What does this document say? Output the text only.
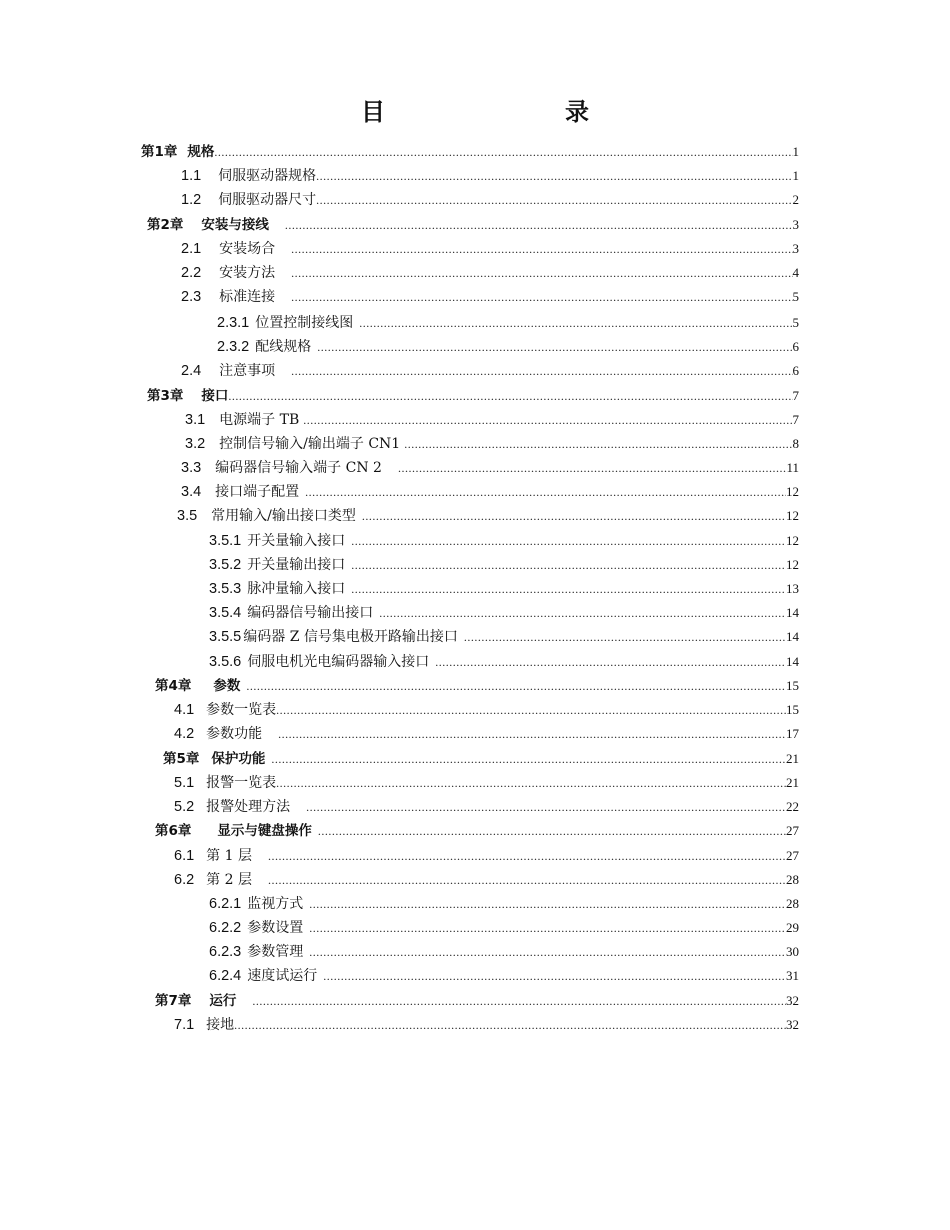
目　　录
第1章 规格 .....	1
1.1 伺服驱动器规格 .....	1
1.2 伺服驱动器尺寸 .....	2
第2章 安装与接线 .....	3
2.1 安装场合 .....	3
2.2 安装方法 .....	4
2.3 标准连接 .....	5
2.3.1 位置控制接线图 .....	5
2.3.2 配线规格 .....	6
2.4 注意事项 .....	6
第3章 接口 .....	7
3.1 电源端子 TB .....	7
3.2 控制信号输入/输出端子 CN1 .....	8
3.3 编码器信号输入端子 CN 2 .....	11
3.4 接口端子配置 .....	12
3.5 常用输入/输出接口类型 .....	12
3.5.1 开关量输入接口 .....	12
3.5.2 开关量输出接口 .....	12
3.5.3 脉冲量输入接口 .....	13
3.5.4 编码器信号输出接口 .....	14
3.5.5 编码器 Z 信号集电极开路输出接口 .....	14
3.5.6 伺服电机光电编码器输入接口 .....	14
第4章 参数 .....	15
4.1 参数一览表 .....	15
4.2 参数功能 .....	17
第5章 保护功能 .....	21
5.1 报警一览表 .....	21
5.2 报警处理方法 .....	22
第6章 显示与键盘操作 .....	27
6.1 第 1 层 .....	27
6.2 第 2 层 .....	28
6.2.1 监视方式 .....	28
6.2.2 参数设置 .....	29
6.2.3 参数管理 .....	30
6.2.4 速度试运行 .....	31
第7章 运行 .....	32
7.1 接地 .....	32
